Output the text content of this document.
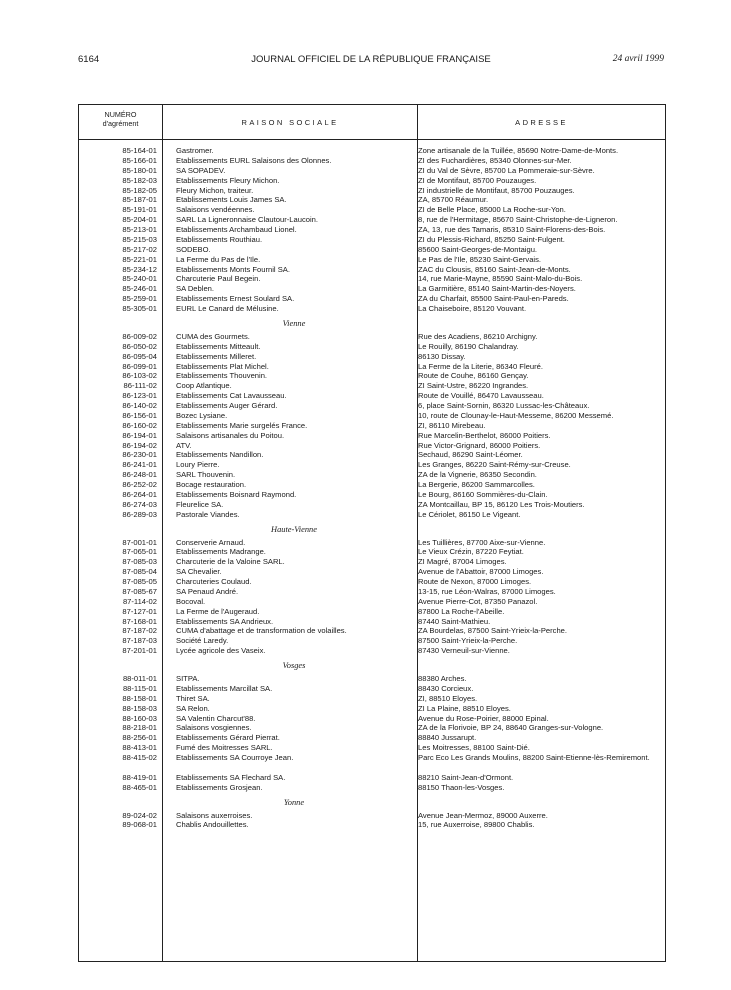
6164	JOURNAL OFFICIEL DE LA RÉPUBLIQUE FRANÇAISE	24 avril 1999
NUMÉRO
d'agrément	RAISON SOCIALE	ADRESSE
85-164-01	Gastromer.	Zone artisanale de la Tuillée, 85690 Notre-Dame-de-Monts.
85-166-01	Etablissements EURL Salaisons des Olonnes.	ZI des Fuchardières, 85340 Olonnes-sur-Mer.
85-180-01	SA SOPADEV.	ZI du Val de Sèvre, 85700 La Pommeraie-sur-Sèvre.
85-182-03	Etablissements Fleury Michon.	ZI de Montifaut, 85700 Pouzauges.
85-182-05	Fleury Michon, traiteur.	ZI industrielle de Montifaut, 85700 Pouzauges.
85-187-01	Etablissements Louis James SA.	ZA, 85700 Réaumur.
85-191-01	Salaisons vendéennes.	ZI de Belle Place, 85000 La Roche-sur-Yon.
85-204-01	SARL La Ligneronnaise Clautour-Laucoin.	8, rue de l'Hermitage, 85670 Saint-Christophe-de-Ligneron.
85-213-01	Etablissements Archambaud Lionel.	ZA, 13, rue des Tamaris, 85310 Saint-Florens-des-Bois.
85-215-03	Etablissements Routhiau.	ZI du Plessis-Richard, 85250 Saint-Fulgent.
85-217-02	SODEBO.	85600 Saint-Georges-de-Montaigu.
85-221-01	La Ferme du Pas de l'Ile.	Le Pas de l'Ile, 85230 Saint-Gervais.
85-234-12	Etablissements Monts Fournil SA.	ZAC du Clousis, 85160 Saint-Jean-de-Monts.
85-240-01	Charcuterie Paul Begein.	14, rue Marie-Mayne, 85590 Saint-Malo-du-Bois.
85-246-01	SA Deblen.	La Garmitière, 85140 Saint-Martin-des-Noyers.
85-259-01	Etablissements Ernest Soulard SA.	ZA du Charfait, 85500 Saint-Paul-en-Pareds.
85-305-01	EURL Le Canard de Mélusine.	La Chaiseboire, 85120 Vouvant.
Vienne
86-009-02	CUMA des Gourmets.	Rue des Acadiens, 86210 Archigny.
86-050-02	Etablissements Mitteault.	Le Rouilly, 86190 Chalandray.
86-095-04	Etablissements Milleret.	86130 Dissay.
86-099-01	Etablissements Plat Michel.	La Ferme de la Literie, 86340 Fleuré.
86-103-02	Etablissements Thouvenin.	Route de Couhe, 86160 Gençay.
86-111-02	Coop Atlantique.	ZI Saint-Ustre, 86220 Ingrandes.
86-123-01	Etablissements Cat Lavausseau.	Route de Vouillé, 86470 Lavausseau.
86-140-02	Etablissements Auger Gérard.	6, place Saint-Sornin, 86320 Lussac-les-Châteaux.
86-156-01	Bozec Lysiane.	10, route de Clounay-le-Haut-Messeme, 86200 Messemé.
86-160-02	Etablissements Marie surgelés France.	ZI, 86110 Mirebeau.
86-194-01	Salaisons artisanales du Poitou.	Rue Marcelin-Berthelot, 86000 Poitiers.
86-194-02	ATV.	Rue Victor-Grignard, 86000 Poitiers.
86-230-01	Etablissements Nandillon.	Sechaud, 86290 Saint-Léomer.
86-241-01	Loury Pierre.	Les Granges, 86220 Saint-Rémy-sur-Creuse.
86-248-01	SARL Thouvenin.	ZA de la Vignerie, 86350 Secondin.
86-252-02	Bocage restauration.	La Bergerie, 86200 Sammarcolles.
86-264-01	Etablissements Boisnard Raymond.	Le Bourg, 86160 Sommières-du-Clain.
86-274-03	Fleurelice SA.	ZA Montcaillau, BP 15, 86120 Les Trois-Moutiers.
86-289-03	Pastorale Viandes.	Le Cériolet, 86150 Le Vigeant.
Haute-Vienne
87-001-01	Conserverie Arnaud.	Les Tuillières, 87700 Aixe-sur-Vienne.
87-065-01	Etablissements Madrange.	Le Vieux Crézin, 87220 Feytiat.
87-085-03	Charcuterie de la Valoine SARL.	ZI Magré, 87004 Limoges.
87-085-04	SA Chevalier.	Avenue de l'Abattoir, 87000 Limoges.
87-085-05	Charcuteries Coulaud.	Route de Nexon, 87000 Limoges.
87-085-67	SA Penaud André.	13-15, rue Léon-Walras, 87000 Limoges.
87-114-02	Bocoval.	Avenue Pierre-Cot, 87350 Panazol.
87-127-01	La Ferme de l'Augeraud.	87800 La Roche-l'Abeille.
87-168-01	Etablissements SA Andrieux.	87440 Saint-Mathieu.
87-187-02	CUMA d'abattage et de transformation de volailles.	ZA Bourdelas, 87500 Saint-Yrieix-la-Perche.
87-187-03	Société Laredy.	87500 Saint-Yrieix-la-Perche.
87-201-01	Lycée agricole des Vaseix.	87430 Verneuil-sur-Vienne.
Vosges
88-011-01	SITPA.	88380 Arches.
88-115-01	Etablissements Marcillat SA.	88430 Corcieux.
88-158-01	Thiret SA.	ZI, 88510 Eloyes.
88-158-03	SA Relon.	ZI La Plaine, 88510 Eloyes.
88-160-03	SA Valentin Charcut'88.	Avenue du Rose-Poirier, 88000 Epinal.
88-218-01	Salaisons vosgiennes.	ZA de la Florivoie, BP 24, 88640 Granges-sur-Vologne.
88-256-01	Etablissements Gérard Pierrat.	88840 Jussarupt.
88-413-01	Fumé des Moitresses SARL.	Les Moitresses, 88100 Saint-Dié.
88-415-02	Etablissements SA Courroye Jean.	Parc Eco Les Grands Moulins, 88200 Saint-Etienne-lès-Remiremont.
88-419-01	Etablissements SA Flechard SA.	88210 Saint-Jean-d'Ormont.
88-465-01	Etablissements Grosjean.	88150 Thaon-les-Vosges.
Yonne
89-024-02	Salaisons auxerroises.	Avenue Jean-Mermoz, 89000 Auxerre.
89-068-01	Chablis Andouillettes.	15, rue Auxerroise, 89800 Chablis.
